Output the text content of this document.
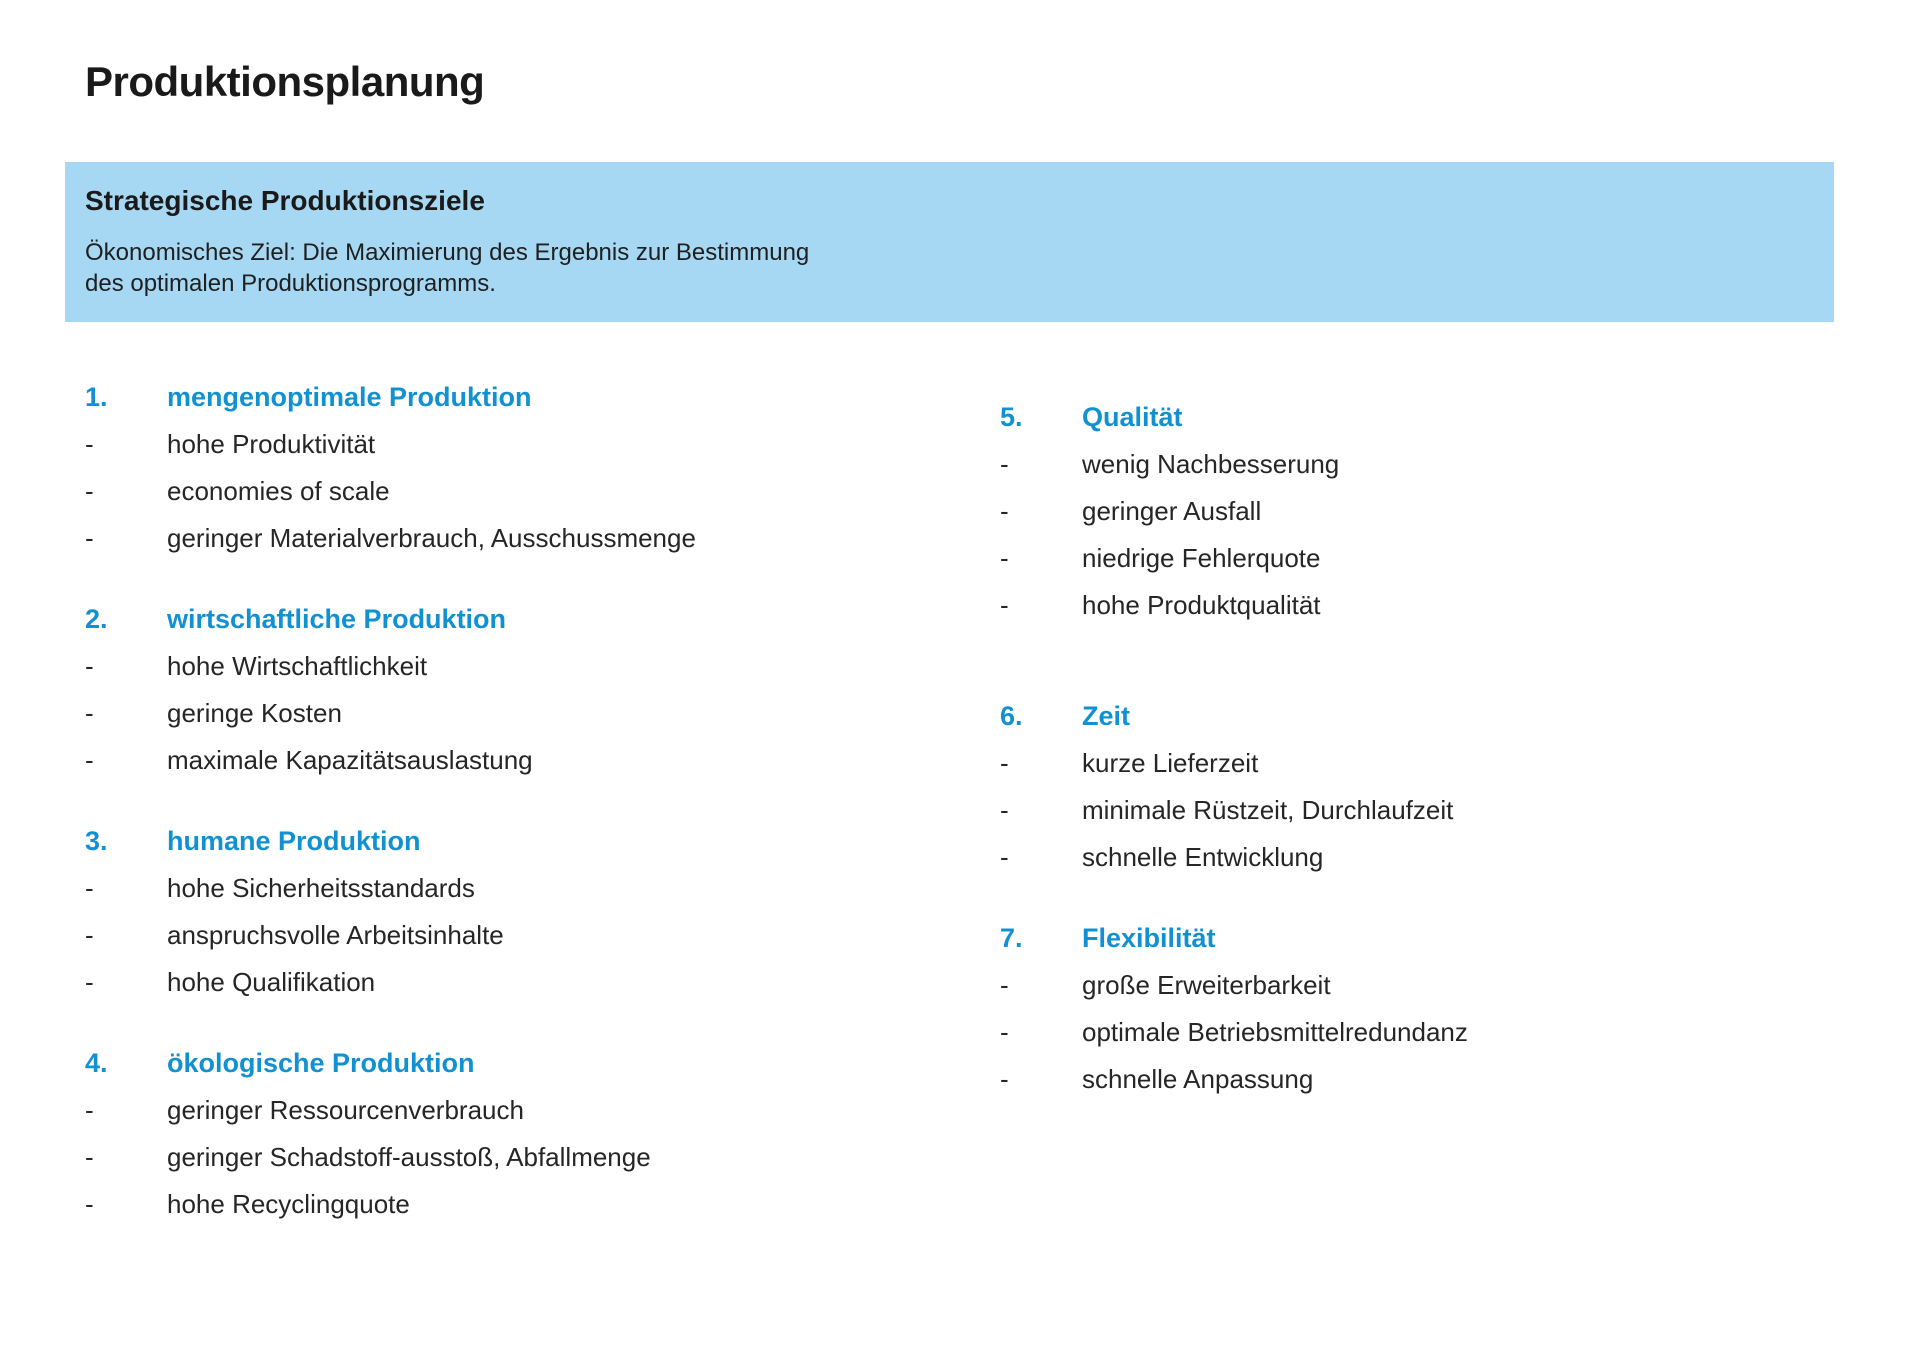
Produktionsplanung
Strategische Produktionsziele

Ökonomisches Ziel: Die Maximierung des Ergebnis zur Bestimmung
des optimalen Produktionsprogramms.

1.	mengenoptimale Produktion
-	hohe Produktivität
-	economies of scale
-	geringer Materialverbrauch, Ausschussmenge
2.	wirtschaftliche Produktion
-	hohe Wirtschaftlichkeit
-	geringe Kosten
-	maximale Kapazitätsauslastung
3.	humane Produktion
-	hohe Sicherheitsstandards
-	anspruchsvolle Arbeitsinhalte
-	hohe Qualifikation
4.	ökologische Produktion
-	geringer Ressourcenverbrauch
-	geringer Schadstoff-ausstoß, Abfallmenge
-	hohe Recyclingquote
5.	Qualität
-	wenig Nachbesserung
-	geringer Ausfall
-	niedrige Fehlerquote
-	hohe Produktqualität
6.	Zeit
-	kurze Lieferzeit
-	minimale Rüstzeit, Durchlaufzeit
-	schnelle Entwicklung
7.	Flexibilität
-	große Erweiterbarkeit
-	optimale Betriebsmittelredundanz
-	schnelle Anpassung
